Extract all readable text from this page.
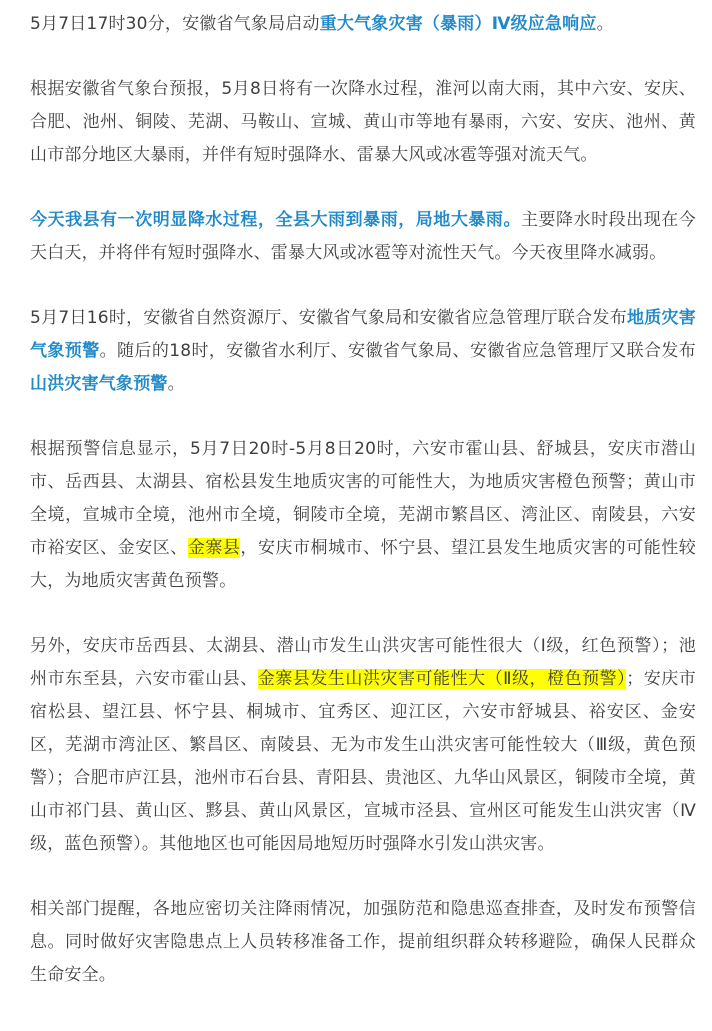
5月7日17时30分，安徽省气象局启动重大气象灾害（暴雨）Ⅳ级应急响应。

根据安徽省气象台预报，5月8日将有一次降水过程，淮河以南大雨，其中六安、安庆、合肥、池州、铜陵、芜湖、马鞍山、宣城、黄山市等地有暴雨，六安、安庆、池州、黄山市部分地区大暴雨，并伴有短时强降水、雷暴大风或冰雹等强对流天气。

今天我县有一次明显降水过程，全县大雨到暴雨，局地大暴雨。主要降水时段出现在今天白天，并将伴有短时强降水、雷暴大风或冰雹等对流性天气。今天夜里降水减弱。

5月7日16时，安徽省自然资源厅、安徽省气象局和安徽省应急管理厅联合发布地质灾害气象预警。随后的18时，安徽省水利厅、安徽省气象局、安徽省应急管理厅又联合发布山洪灾害气象预警。

根据预警信息显示，5月7日20时-5月8日20时，六安市霍山县、舒城县，安庆市潜山市、岳西县、太湖县、宿松县发生地质灾害的可能性大，为地质灾害橙色预警；黄山市全境，宣城市全境，池州市全境，铜陵市全境，芜湖市繁昌区、湾沚区、南陵县，六安市裕安区、金安区、金寨县，安庆市桐城市、怀宁县、望江县发生地质灾害的可能性较大，为地质灾害黄色预警。

另外，安庆市岳西县、太湖县、潜山市发生山洪灾害可能性很大（Ⅰ级，红色预警）；池州市东至县，六安市霍山县、金寨县发生山洪灾害可能性大（Ⅱ级，橙色预警）；安庆市宿松县、望江县、怀宁县、桐城市、宜秀区、迎江区，六安市舒城县、裕安区、金安区，芜湖市湾沚区、繁昌区、南陵县、无为市发生山洪灾害可能性较大（Ⅲ级，黄色预警）；合肥市庐江县，池州市石台县、青阳县、贵池区、九华山风景区，铜陵市全境，黄山市祁门县、黄山区、黟县、黄山风景区，宣城市泾县、宣州区可能发生山洪灾害（Ⅳ级，蓝色预警）。其他地区也可能因局地短历时强降水引发山洪灾害。

相关部门提醒，各地应密切关注降雨情况，加强防范和隐患巡查排查，及时发布预警信息。同时做好灾害隐患点上人员转移准备工作，提前组织群众转移避险，确保人民群众生命安全。
